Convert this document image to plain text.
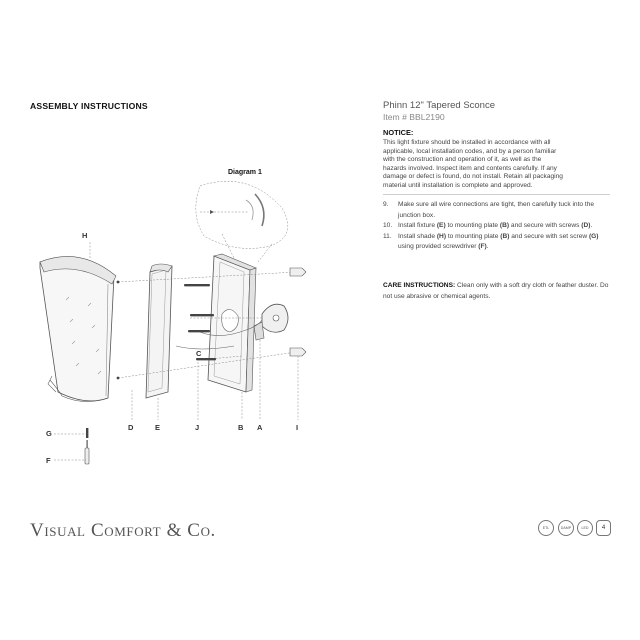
ASSEMBLY INSTRUCTIONS	Phinn 12" Tapered Sconce
Item # BBL2190
NOTICE:
This light fixture should be installed in accordance with all
applicable, local installation codes, and by a person familiar
with the construction and operation of it, as well as the
hazards involved. Inspect item and contents carefully. If any
damage or defect is found, do not install. Retain all packaging
material until installation is complete and approved.
9.	Make sure all wire connections are tight, then carefully tuck into the junction box.
10. Install fixture (E) to mounting plate (B) and secure with screws (D).
11. Install shade (H) to mounting plate (B) and secure with set screw (G) using provided screwdriver (F).
CARE INSTRUCTIONS: Clean only with a soft dry cloth or feather duster. Do not use abrasive or chemical agents.
Diagram 1
H
C
G
F
D	E	J	B A	I
Visual Comfort & Co.	ETL	DAMP	LED	4
